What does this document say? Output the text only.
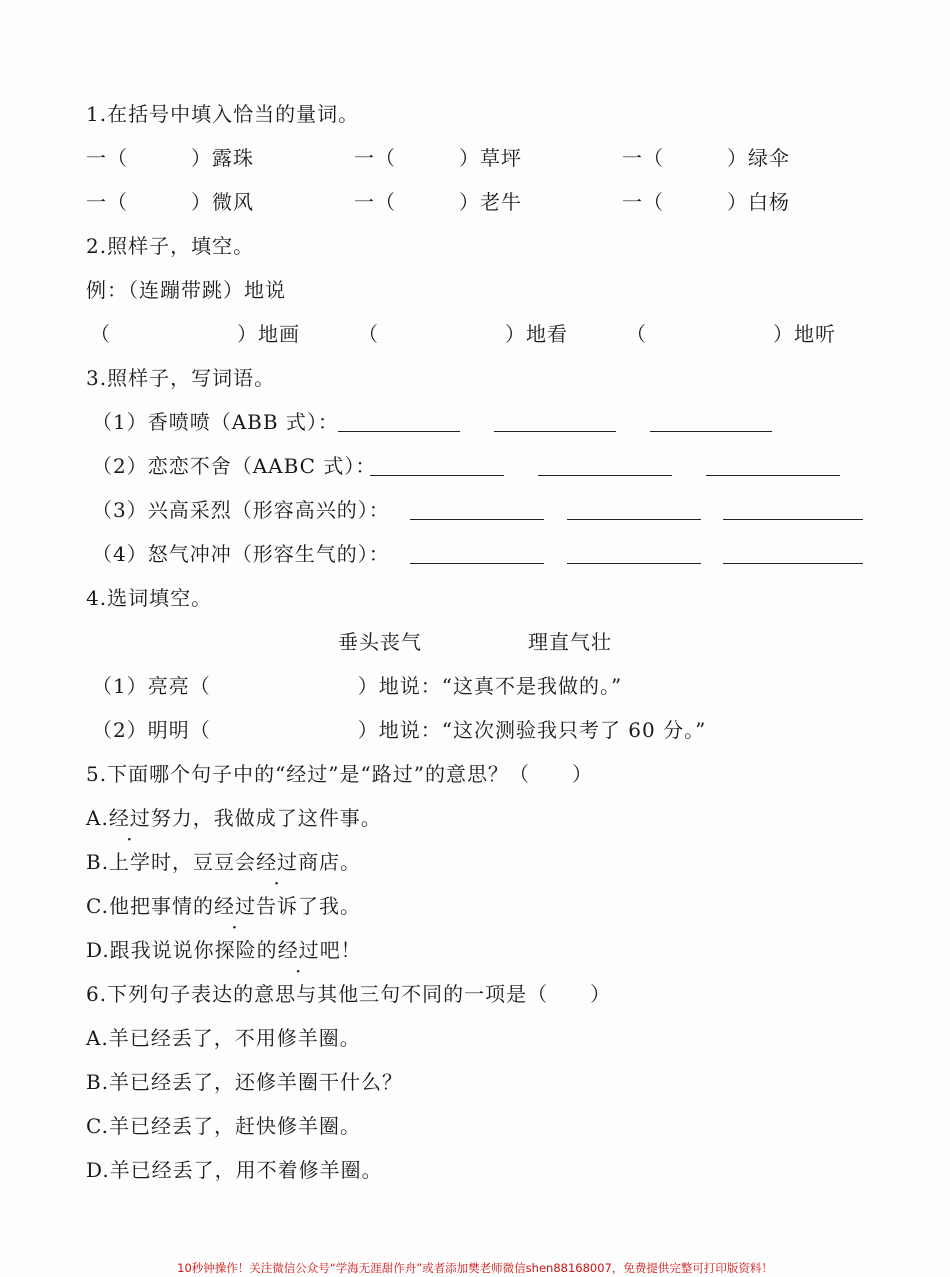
1.在括号中填入恰当的量词。
一（　　　）露珠	一（　　　）草坪	一（　　　）绿伞
一（　　　）微风	一（　　　）老牛	一（　　　）白杨
2.照样子，填空。
例：（连蹦带跳）地说
（　　　　　　）地画	（　　　　　　）地看	（　　　　　　）地听
3.照样子，写词语。
（1）香喷喷（ABB 式）：
（2）恋恋不舍（AABC 式）：
（3）兴高采烈（形容高兴的）：
（4）怒气冲冲（形容生气的）：
4.选词填空。
垂头丧气	理直气壮
（1）亮亮（　　　　　　　）地说：“这真不是我做的。”
（2）明明（　　　　　　　）地说：“这次测验我只考了 60 分。”
5.下面哪个句子中的“经过”是“路过”的意思？（　　）
A.经过努力，我做成了这件事。
B.上学时，豆豆会经过商店。
C.他把事情的经过告诉了我。
D.跟我说说你探险的经过吧！
6.下列句子表达的意思与其他三句不同的一项是（　　）
A.羊已经丢了，不用修羊圈。
B.羊已经丢了，还修羊圈干什么？
C.羊已经丢了，赶快修羊圈。
D.羊已经丢了，用不着修羊圈。
10秒钟操作！关注微信公众号“学海无涯甜作舟”或者添加樊老师微信shen88168007，免费提供完整可打印版资料！
